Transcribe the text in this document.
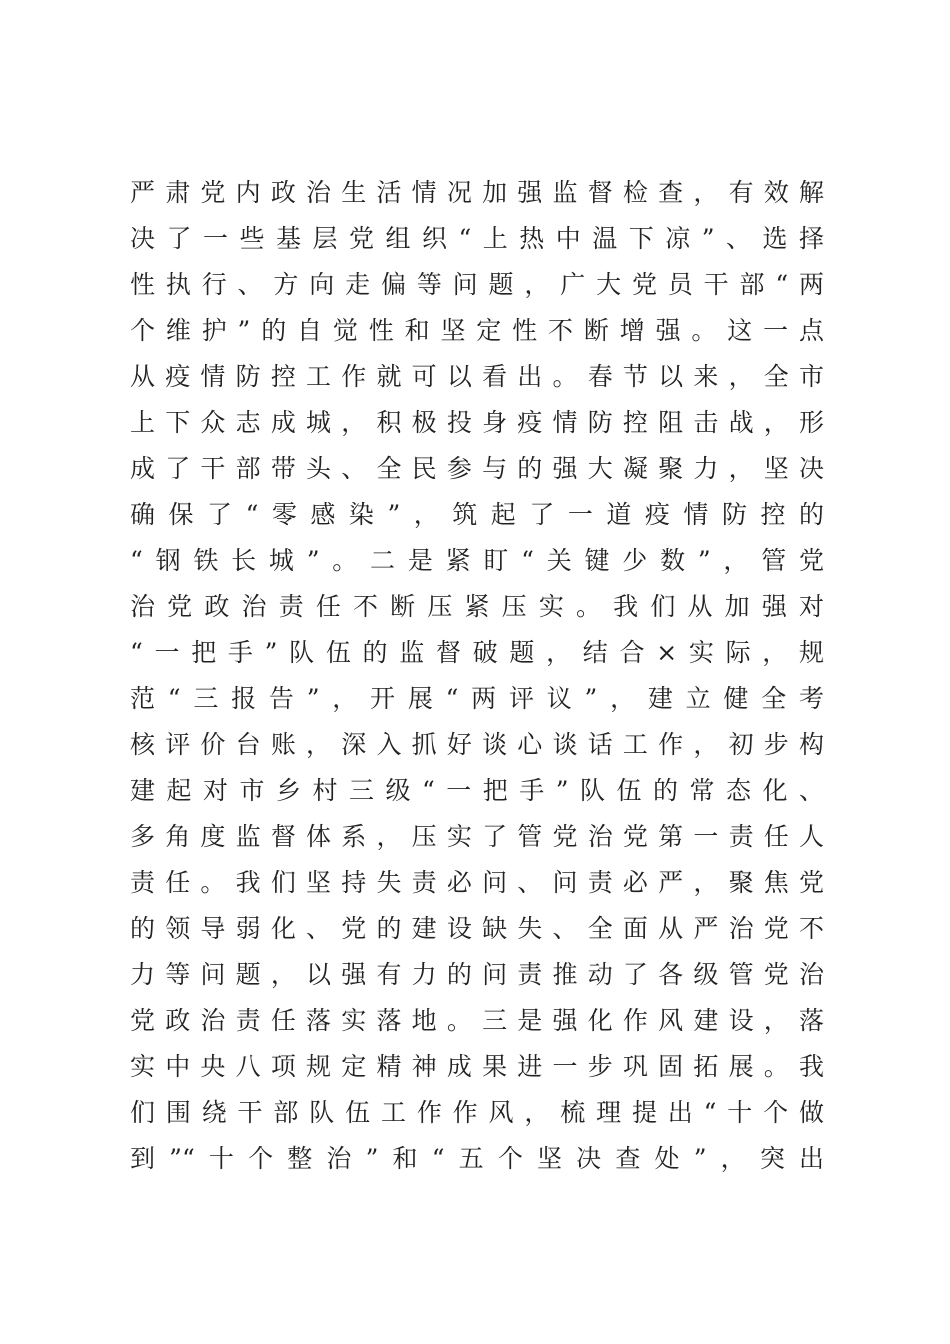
严肃党内政治生活情况加强监督检查，有效解
决了一些基层党组织“上热中温下凉”、选择
性执行、方向走偏等问题，广大党员干部“两
个维护”的自觉性和坚定性不断增强。这一点
从疫情防控工作就可以看出。春节以来，全市
上下众志成城，积极投身疫情防控阻击战，形
成了干部带头、全民参与的强大凝聚力，坚决
确保了“零感染”，筑起了一道疫情防控的
“钢铁长城”。二是紧盯“关键少数”，管党
治党政治责任不断压紧压实。我们从加强对
“一把手”队伍的监督破题，结合×实际，规
范“三报告”，开展“两评议”，建立健全考
核评价台账，深入抓好谈心谈话工作，初步构
建起对市乡村三级“一把手”队伍的常态化、
多角度监督体系，压实了管党治党第一责任人
责任。我们坚持失责必问、问责必严，聚焦党
的领导弱化、党的建设缺失、全面从严治党不
力等问题，以强有力的问责推动了各级管党治
党政治责任落实落地。三是强化作风建设，落
实中央八项规定精神成果进一步巩固拓展。我
们围绕干部队伍工作作风，梳理提出“十个做
到”“十个整治”和“五个坚决查处”，突出
